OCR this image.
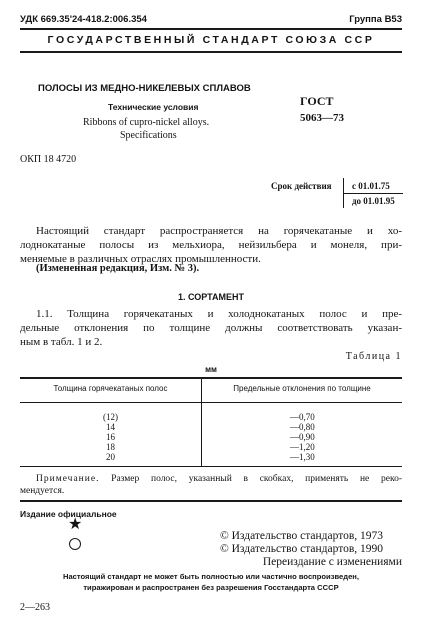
УДК 669.35'24-418.2:006.354	Группа В53
ГОСУДАРСТВЕННЫЙ СТАНДАРТ СОЮЗА ССР
ПОЛОСЫ ИЗ МЕДНО-НИКЕЛЕВЫХ СПЛАВОВ
Технические условия
Ribbons of cupro-nickel alloys.
Specifications
ГОСТ
5063—73
ОКП 18 4720
Срок действия с 01.01.75
до 01.01.95
Настоящий стандарт распространяется на горячекатаные и хо-
лоднокатаные полосы из мельхиора, нейзильбера и монеля, при-
меняемые в различных отраслях промышленности.
(Измененная редакция, Изм. № 3).
1. СОРТАМЕНТ
1.1. Толщина горячекатаных и холоднокатаных полос и пре-
дельные отклонения по толщине должны соответствовать указан-
ным в табл. 1 и 2.
Таблица 1
мм
Толщина горячекатаных полос	Предельные отклонения по толщине
(12)	—0,70
14	—0,80
16	—0,90
18	—1,20
20	—1,30
Примечание. Размер полос, указанный в скобках, применять не реко-
мендуется.
Издание официальное
★
© Издательство стандартов, 1973
© Издательство стандартов, 1990
Переиздание с изменениями
Настоящий стандарт не может быть полностью или частично воспроизведен,
тиражирован и распространен без разрешения Госстандарта СССР
2—263
